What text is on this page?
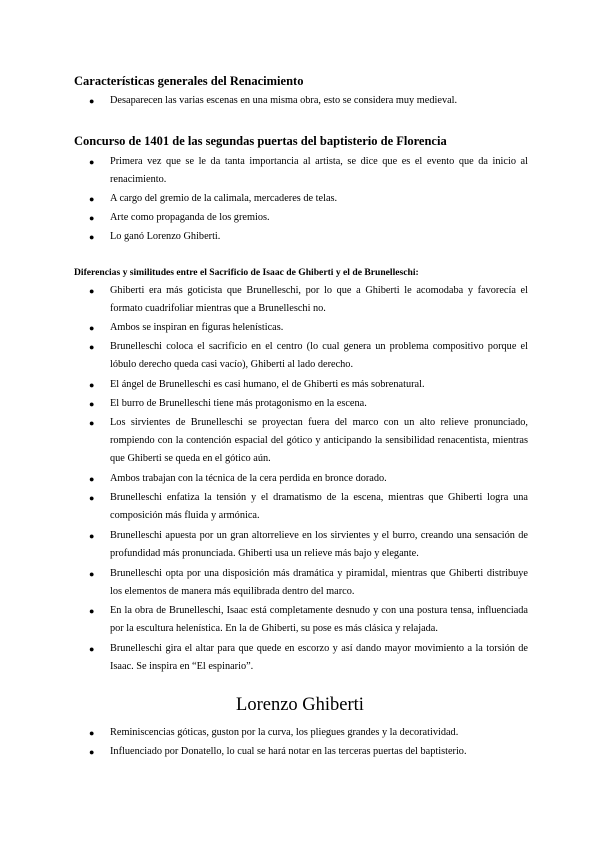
Características generales del Renacimiento
● Desaparecen las varias escenas en una misma obra, esto se considera muy medieval.
Concurso de 1401 de las segundas puertas del baptisterio de Florencia
● Primera vez que se le da tanta importancia al artista, se dice que es el evento que da inicio al renacimiento.
● A cargo del gremio de la calimala, mercaderes de telas.
● Arte como propaganda de los gremios.
● Lo ganó Lorenzo Ghiberti.
Diferencias y similitudes entre el Sacrificio de Isaac de Ghiberti y el de Brunelleschi:
● Ghiberti era más goticista que Brunelleschi, por lo que a Ghiberti le acomodaba y favorecía el formato cuadrifoliar mientras que a Brunelleschi no.
● Ambos se inspiran en figuras helenísticas.
● Brunelleschi coloca el sacrificio en el centro (lo cual genera un problema compositivo porque el lóbulo derecho queda casi vacío), Ghiberti al lado derecho.
● El ángel de Brunelleschi es casi humano, el de Ghiberti es más sobrenatural.
● El burro de Brunelleschi tiene más protagonismo en la escena.
● Los sirvientes de Brunelleschi se proyectan fuera del marco con un alto relieve pronunciado, rompiendo con la contención espacial del gótico y anticipando la sensibilidad renacentista, mientras que Ghiberti se queda en el gótico aún.
● Ambos trabajan con la técnica de la cera perdida en bronce dorado.
● Brunelleschi enfatiza la tensión y el dramatismo de la escena, mientras que Ghiberti logra una composición más fluida y armónica.
● Brunelleschi apuesta por un gran altorrelieve en los sirvientes y el burro, creando una sensación de profundidad más pronunciada. Ghiberti usa un relieve más bajo y elegante.
● Brunelleschi opta por una disposición más dramática y piramidal, mientras que Ghiberti distribuye los elementos de manera más equilibrada dentro del marco.
● En la obra de Brunelleschi, Isaac está completamente desnudo y con una postura tensa, influenciada por la escultura helenística. En la de Ghiberti, su pose es más clásica y relajada.
● Brunelleschi gira el altar para que quede en escorzo y así dando mayor movimiento a la torsión de Isaac. Se inspira en “El espinario”.
Lorenzo Ghiberti
● Reminiscencias góticas, guston por la curva, los pliegues grandes y la decoratividad.
● Influenciado por Donatello, lo cual se hará notar en las terceras puertas del baptisterio.
